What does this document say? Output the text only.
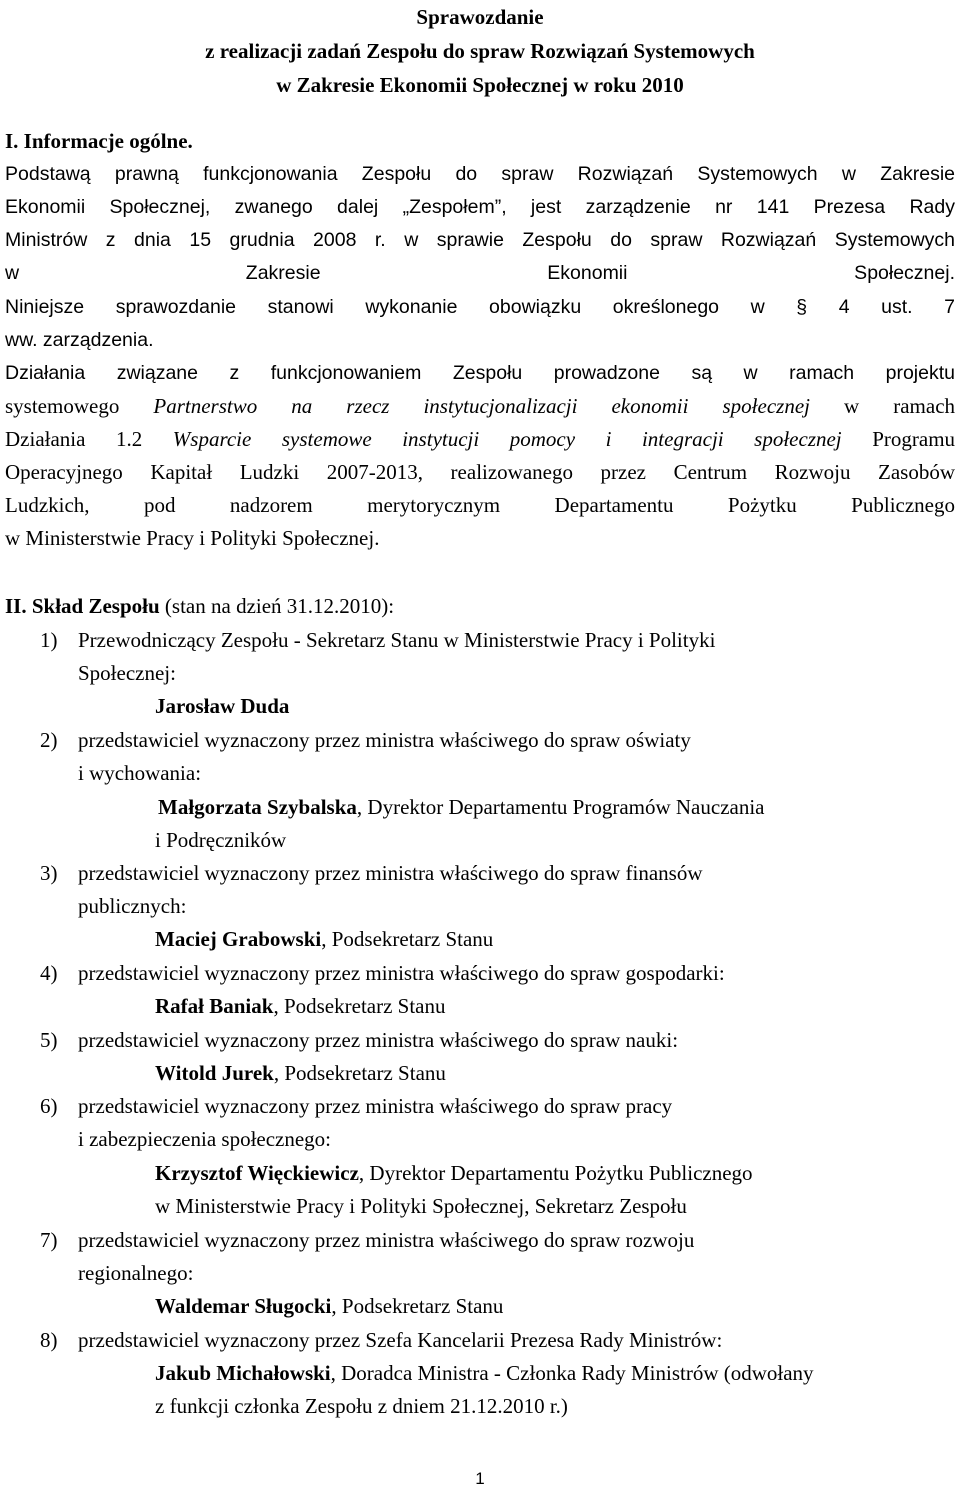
Sprawozdanie
z realizacji zadań Zespołu do spraw Rozwiązań Systemowych
w Zakresie Ekonomii Społecznej w roku 2010
I. Informacje ogólne.
Podstawą prawną funkcjonowania Zespołu do spraw Rozwiązań Systemowych w Zakresie
Ekonomii Społecznej, zwanego dalej „Zespołem”, jest zarządzenie nr 141 Prezesa Rady
Ministrów z dnia 15 grudnia 2008 r. w sprawie Zespołu do spraw Rozwiązań Systemowych
w Zakresie Ekonomii Społecznej.
Niniejsze sprawozdanie stanowi wykonanie obowiązku określonego w § 4 ust. 7
ww. zarządzenia.
Działania związane z funkcjonowaniem Zespołu prowadzone są w ramach projektu
systemowego Partnerstwo na rzecz instytucjonalizacji ekonomii społecznej w ramach
Działania 1.2 Wsparcie systemowe instytucji pomocy i integracji społecznej Programu
Operacyjnego Kapitał Ludzki 2007-2013, realizowanego przez Centrum Rozwoju Zasobów
Ludzkich, pod nadzorem merytorycznym Departamentu Pożytku Publicznego
w Ministerstwie Pracy i Polityki Społecznej.
II. Skład Zespołu (stan na dzień 31.12.2010):
1) Przewodniczący Zespołu - Sekretarz Stanu w Ministerstwie Pracy i Polityki
Społecznej:
Jarosław Duda
2) przedstawiciel wyznaczony przez ministra właściwego do spraw oświaty
i wychowania:
Małgorzata Szybalska, Dyrektor Departamentu Programów Nauczania
i Podręczników
3) przedstawiciel wyznaczony przez ministra właściwego do spraw finansów
publicznych:
Maciej Grabowski, Podsekretarz Stanu
4) przedstawiciel wyznaczony przez ministra właściwego do spraw gospodarki:
Rafał Baniak, Podsekretarz Stanu
5) przedstawiciel wyznaczony przez ministra właściwego do spraw nauki:
Witold Jurek, Podsekretarz Stanu
6) przedstawiciel wyznaczony przez ministra właściwego do spraw pracy
i zabezpieczenia społecznego:
Krzysztof Więckiewicz, Dyrektor Departamentu Pożytku Publicznego
w Ministerstwie Pracy i Polityki Społecznej, Sekretarz Zespołu
7) przedstawiciel wyznaczony przez ministra właściwego do spraw rozwoju
regionalnego:
Waldemar Sługocki, Podsekretarz Stanu
8) przedstawiciel wyznaczony przez Szefa Kancelarii Prezesa Rady Ministrów:
Jakub Michałowski, Doradca Ministra - Członka Rady Ministrów (odwołany
z funkcji członka Zespołu z dniem 21.12.2010 r.)
1
